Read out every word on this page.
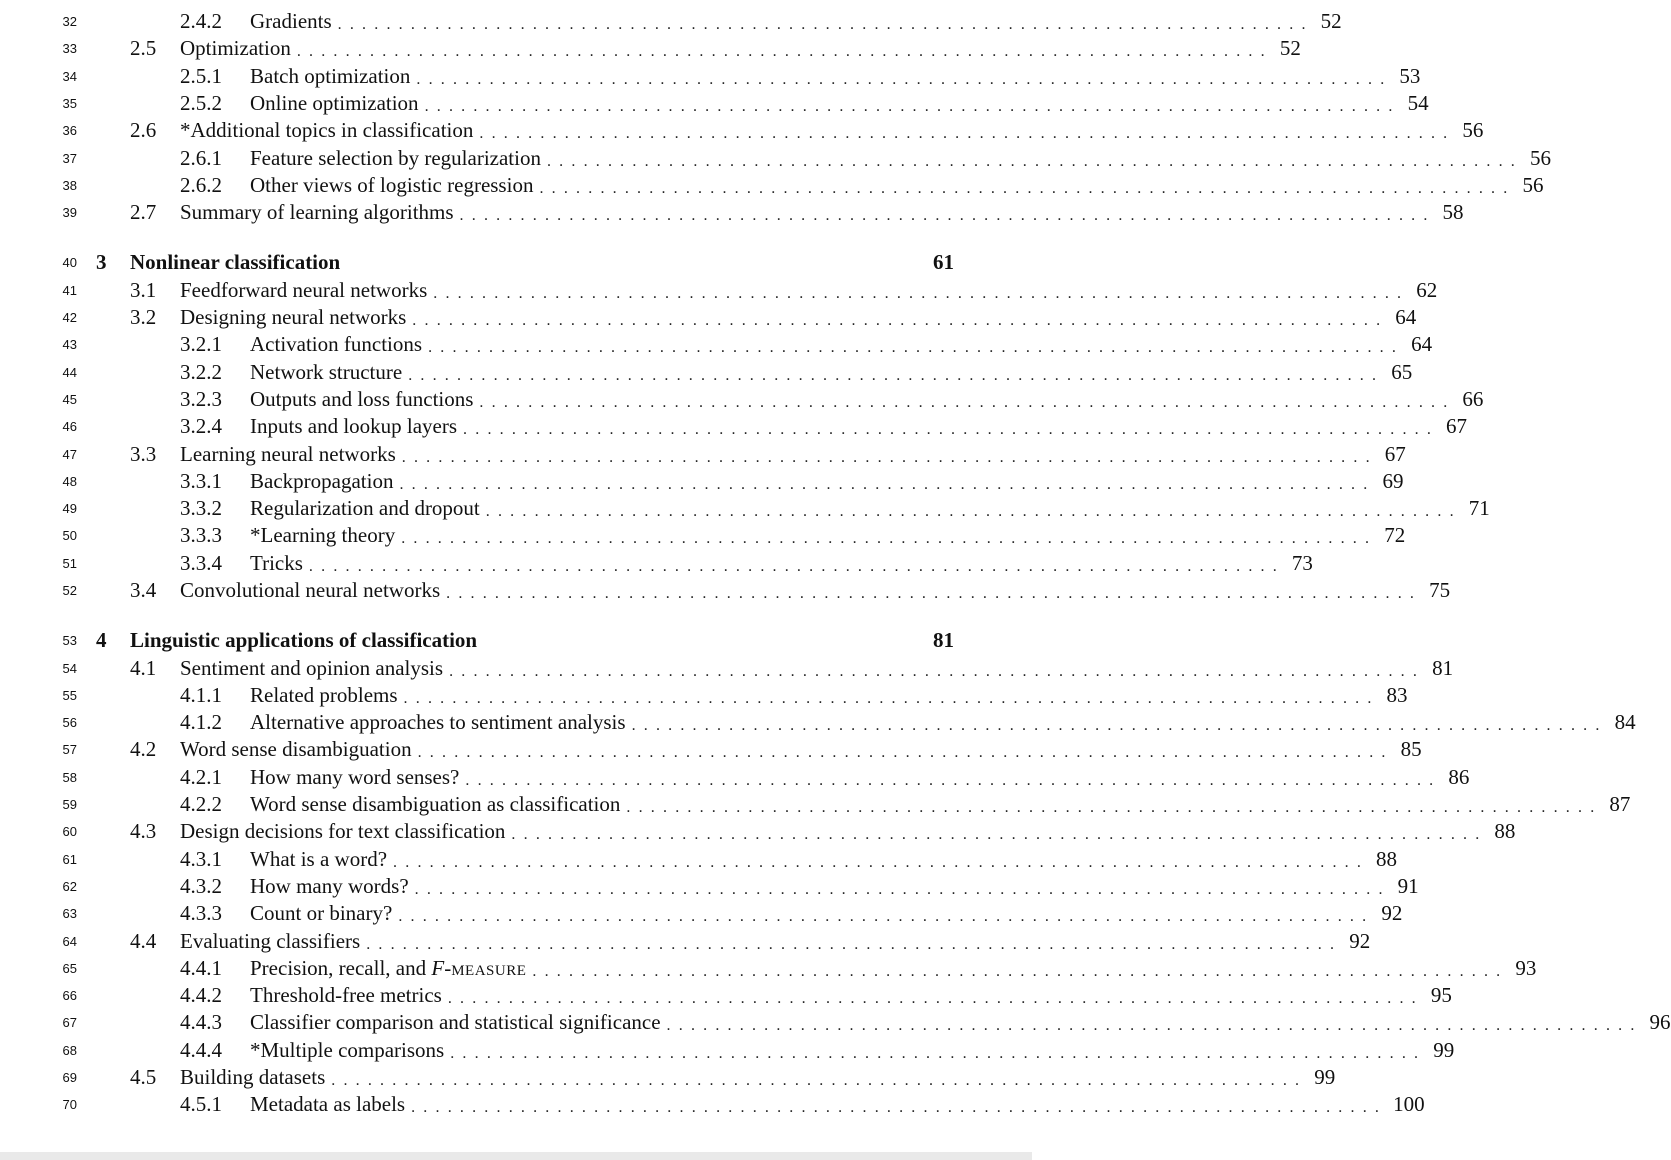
32	2.4.2	Gradients ................................................................................ 52
33	2.5	Optimization ................................................................................ 52
34	2.5.1	Batch optimization ................................................................................ 53
35	2.5.2	Online optimization ................................................................................ 54
36	2.6	*Additional topics in classification ................................................................................ 56
37	2.6.1	Feature selection by regularization ................................................................................ 56
38	2.6.2	Other views of logistic regression ................................................................................ 56
39	2.7	Summary of learning algorithms ................................................................................ 58
40 3	Nonlinear classification	61
41	3.1	Feedforward neural networks ................................................................................ 62
42	3.2	Designing neural networks ................................................................................ 64
43	3.2.1	Activation functions ................................................................................ 64
44	3.2.2	Network structure ................................................................................ 65
45	3.2.3	Outputs and loss functions ................................................................................ 66
46	3.2.4	Inputs and lookup layers ................................................................................ 67
47	3.3	Learning neural networks ................................................................................ 67
48	3.3.1	Backpropagation ................................................................................ 69
49	3.3.2	Regularization and dropout ................................................................................ 71
50	3.3.3	*Learning theory ................................................................................ 72
51	3.3.4	Tricks ................................................................................ 73
52	3.4	Convolutional neural networks ................................................................................ 75
53 4	Linguistic applications of classification	81
54	4.1	Sentiment and opinion analysis ................................................................................ 81
55	4.1.1	Related problems ................................................................................ 83
56	4.1.2	Alternative approaches to sentiment analysis ................................................................................ 84
57	4.2	Word sense disambiguation ................................................................................ 85
58	4.2.1	How many word senses? ................................................................................ 86
59	4.2.2	Word sense disambiguation as classification ................................................................................ 87
60	4.3	Design decisions for text classification ................................................................................ 88
61	4.3.1	What is a word? ................................................................................ 88
62	4.3.2	How many words? ................................................................................ 91
63	4.3.3	Count or binary? ................................................................................ 92
64	4.4	Evaluating classifiers ................................................................................ 92
65	4.4.1	Precision, recall, and F-measure ................................................................................ 93
66	4.4.2	Threshold-free metrics ................................................................................ 95
67	4.4.3	Classifier comparison and statistical significance ................................................................................ 96
68	4.4.4	*Multiple comparisons ................................................................................ 99
69	4.5	Building datasets ................................................................................ 99
70	4.5.1	Metadata as labels ................................................................................ 100
